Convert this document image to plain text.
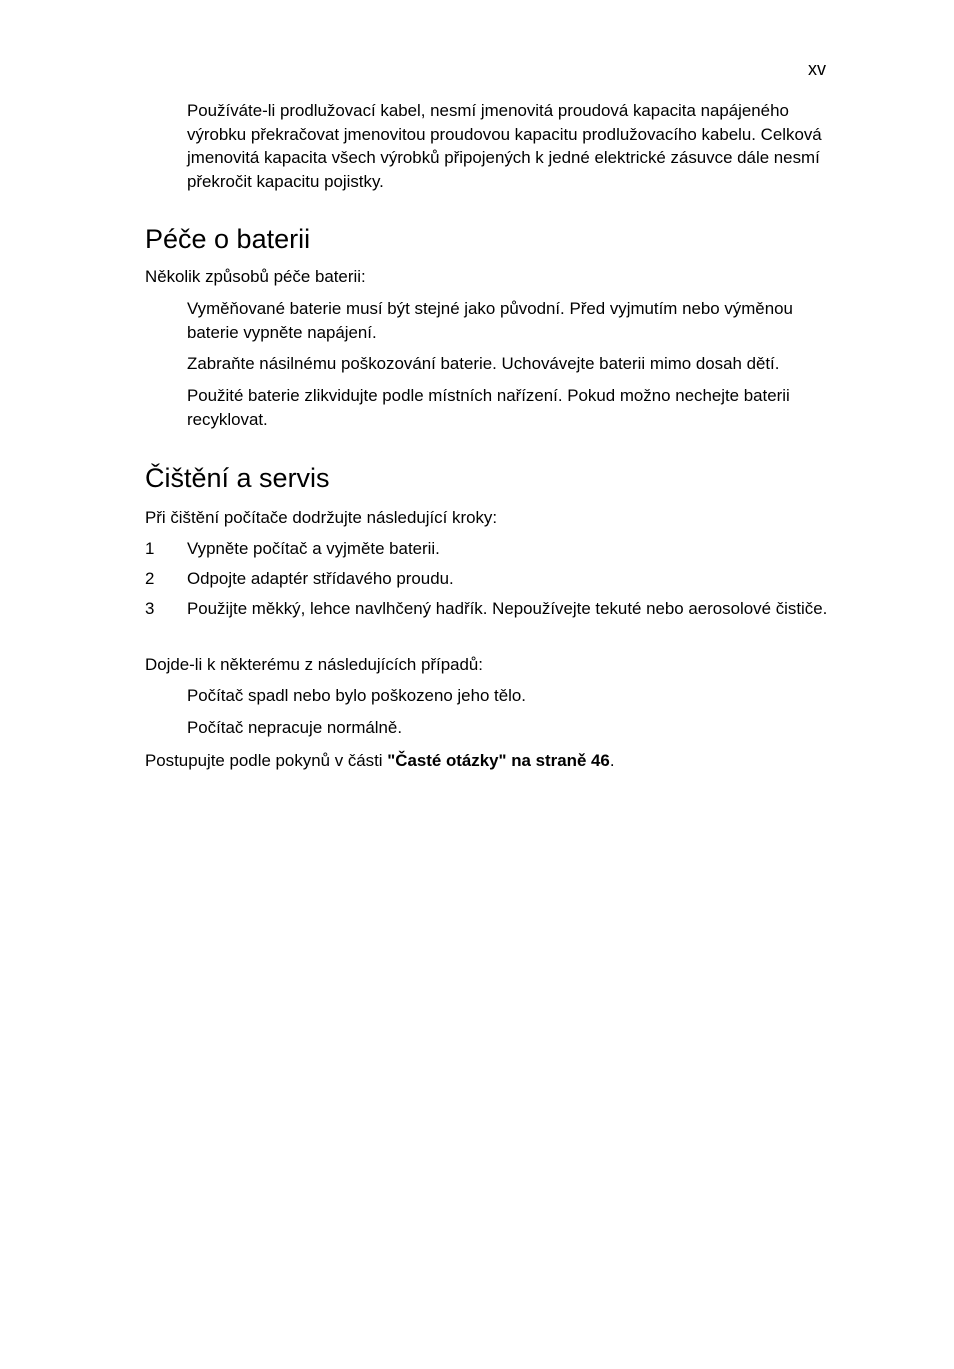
xv
Používáte-li prodlužovací kabel, nesmí jmenovitá proudová kapacita napájeného výrobku překračovat jmenovitou proudovou kapacitu prodlužovacího kabelu. Celková jmenovitá kapacita všech výrobků připojených k jedné elektrické zásuvce dále nesmí překročit kapacitu pojistky.
Péče o baterii
Několik způsobů péče baterii:
Vyměňované baterie musí být stejné jako původní. Před vyjmutím nebo výměnou baterie vypněte napájení.
Zabraňte násilnému poškozování baterie. Uchovávejte baterii mimo dosah dětí.
Použité baterie zlikvidujte podle místních nařízení. Pokud možno nechejte baterii recyklovat.
Čištění a servis
Při čištění počítače dodržujte následující kroky:
1 Vypněte počítač a vyjměte baterii.
2 Odpojte adaptér střídavého proudu.
3 Použijte měkký, lehce navlhčený hadřík. Nepoužívejte tekuté nebo aerosolové čističe.
Dojde-li k některému z následujících případů:
Počítač spadl nebo bylo poškozeno jeho tělo.
Počítač nepracuje normálně.
Postupujte podle pokynů v části "Časté otázky" na straně 46.
